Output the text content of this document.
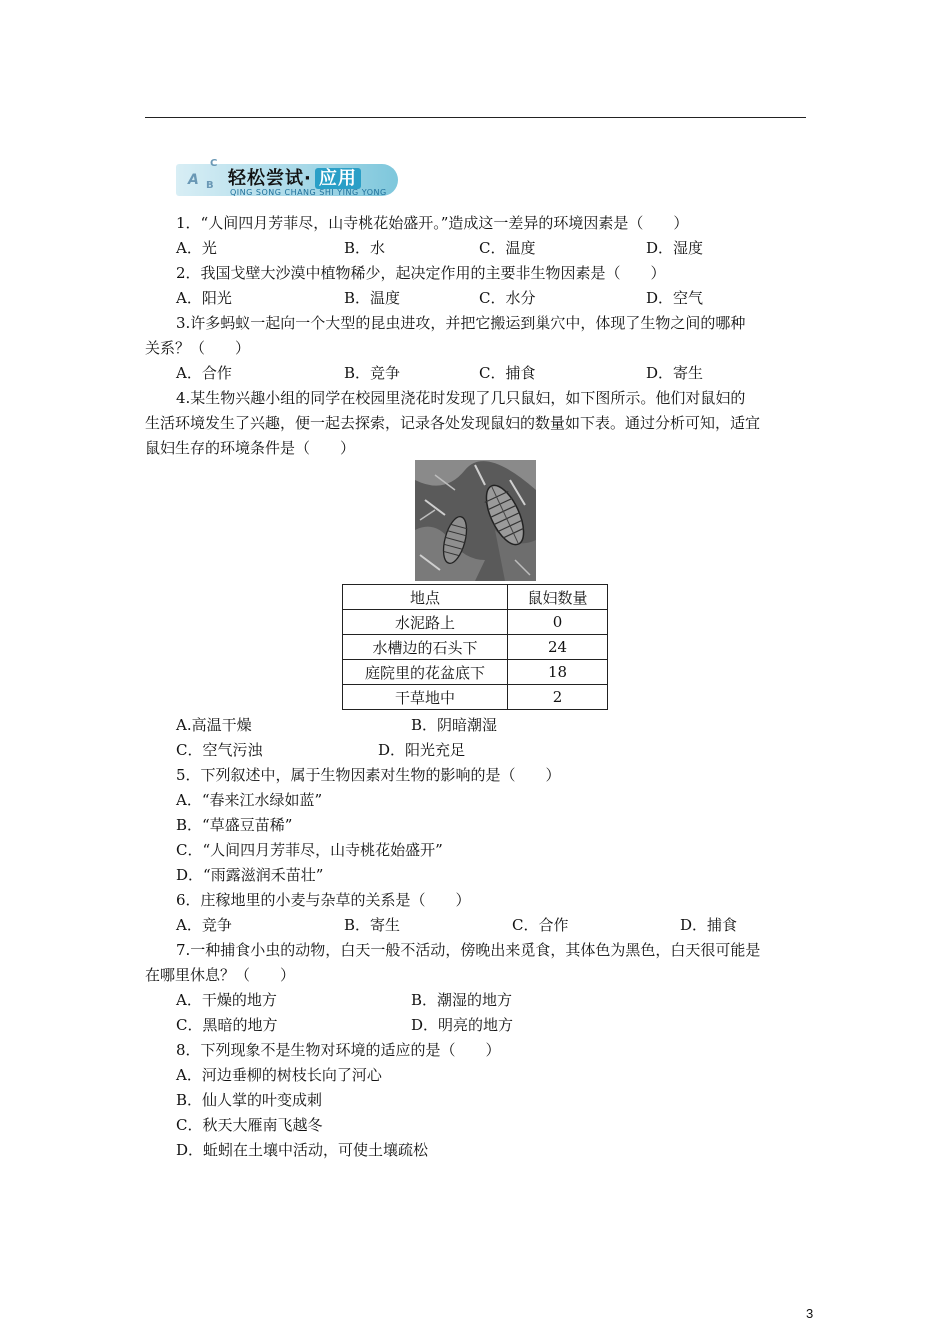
C
A B 轻松尝试· 应用
QING SONG CHANG SHI YING YONG
1．“人间四月芳菲尽，山寺桃花始盛开。”造成这一差异的环境因素是（　　）
A．光	B．水	C．温度	D．湿度
2．我国戈壁大沙漠中植物稀少，起决定作用的主要非生物因素是（　　）
A．阳光	B．温度	C．水分	D．空气
3.许多蚂蚁一起向一个大型的昆虫进攻，并把它搬运到巢穴中，体现了生物之间的哪种
关系？（　　）
A．合作	B．竞争	C．捕食	D．寄生
4.某生物兴趣小组的同学在校园里浇花时发现了几只鼠妇，如下图所示。他们对鼠妇的
生活环境发生了兴趣，便一起去探索，记录各处发现鼠妇的数量如下表。通过分析可知，适宜
鼠妇生存的环境条件是（　　）
地点	鼠妇数量
水泥路上	0
水槽边的石头下	24
庭院里的花盆底下	18
干草地中	2
A.高温干燥	B．阴暗潮湿
C．空气污浊	D．阳光充足
5．下列叙述中，属于生物因素对生物的影响的是（　　）
A．“春来江水绿如蓝”
B．“草盛豆苗稀”
C．“人间四月芳菲尽，山寺桃花始盛开”
D．“雨露滋润禾苗壮”
6．庄稼地里的小麦与杂草的关系是（　　）
A．竞争	B．寄生	C．合作	D．捕食
7.一种捕食小虫的动物，白天一般不活动，傍晚出来觅食，其体色为黑色，白天很可能是
在哪里休息？（　　）
A．干燥的地方	B．潮湿的地方
C．黑暗的地方	D．明亮的地方
8．下列现象不是生物对环境的适应的是（　　）
A．河边垂柳的树枝长向了河心
B．仙人掌的叶变成刺
C．秋天大雁南飞越冬
D．蚯蚓在土壤中活动，可使土壤疏松
3
